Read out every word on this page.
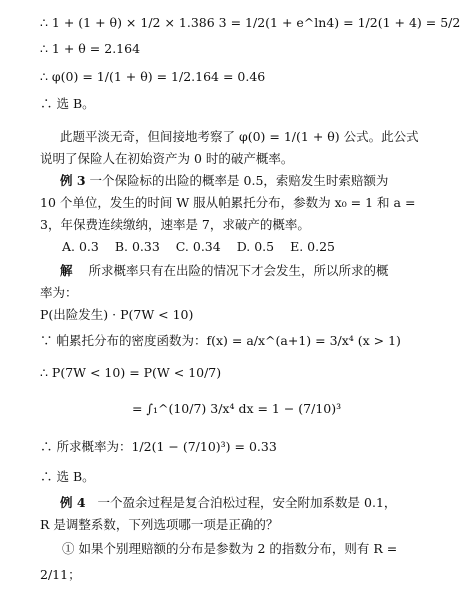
∴ 1 + (1 + θ) × 1/2 × 1.386 3 = 1/2(1 + e^ln4) = 1/2(1 + 4) = 5/2
∴ 1 + θ = 2.164
∴ φ(0) = 1/(1 + θ) = 1/2.164 = 0.46
∴ 选 B。
此题平淡无奇，但间接地考察了 φ(0) = 1/(1 + θ) 公式。此公式
说明了保险人在初始资产为 0 时的破产概率。
例 3 一个保险标的出险的概率是 0.5，索赔发生时索赔额为
10 个单位，发生的时间 W 服从帕累托分布，参数为 x₀ = 1 和 a =
3，年保费连续缴纳，速率是 7，求破产的概率。
A. 0.3 B. 0.33 C. 0.34 D. 0.5 E. 0.25
解 所求概率只有在出险的情况下才会发生，所以所求的概
率为：
P(出险发生) · P(7W < 10)
∵ 帕累托分布的密度函数为：f(x) = a/x^(a+1) = 3/x⁴ (x > 1)
∴ P(7W < 10) = P(W < 10/7)
= ∫₁^(10/7) 3/x⁴ dx = 1 − (7/10)³
∴ 所求概率为：1/2(1 − (7/10)³) = 0.33
∴ 选 B。
例 4 一个盈余过程是复合泊松过程，安全附加系数是 0.1，
R 是调整系数，下列选项哪一项是正确的？
① 如果个别理赔额的分布是参数为 2 的指数分布，则有 R =
2/11；
